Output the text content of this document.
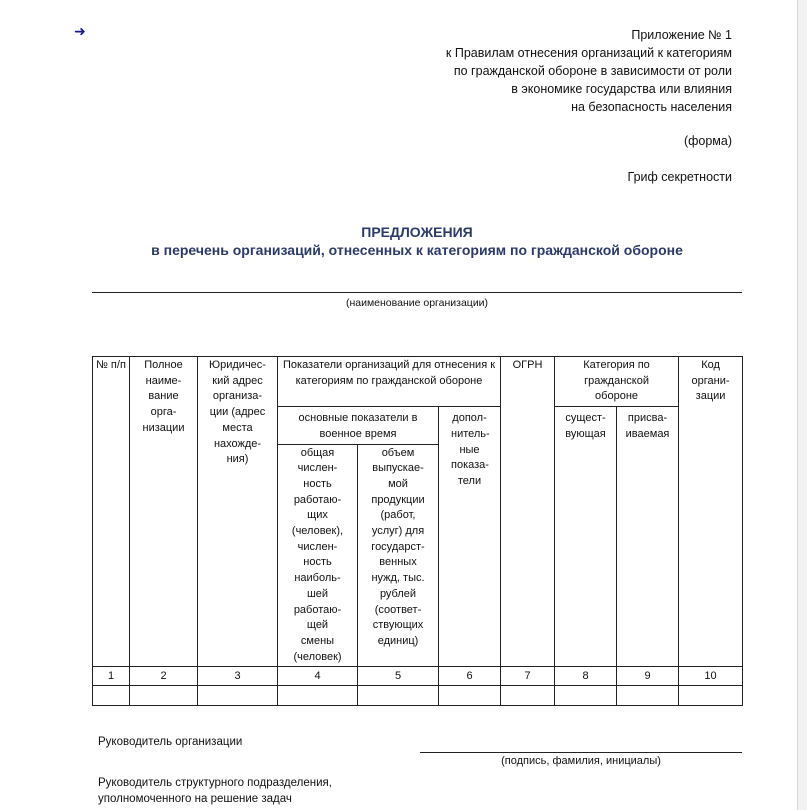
➜	Приложение № 1
к Правилам отнесения организаций к категориям
по гражданской обороне в зависимости от роли
в экономике государства или влияния
на безопасность населения
(форма)
Гриф секретности
ПРЕДЛОЖЕНИЯ
в перечень организаций, отнесенных к категориям по гражданской обороне
(наименование организации)
№ п/п	Полное наиме-вание орга-низации	Юридичес-кий адрес организа-ции (адрес места нахожде-ния)	Показатели организаций для отнесения к категориям по гражданской обороне			ОГРН	Категория по гражданской обороне		Код органи-зации

			основные показатели в военное время		допол-нитель-ные показа-тели		сущест-вующая	присва-иваемая	

			общая числен-ность работаю-щих (человек), числен-ность наиболь-шей работаю-щей смены (человек)	объем выпускае-мой продукции (работ, услуг) для государст-венных нужд, тыс. рублей (соответ-ствующих единиц)					

1	2	3	4	5	6	7	8	9	10

Руководитель организации
(подпись, фамилия, инициалы)
Руководитель структурного подразделения,
уполномоченного на решение задач
